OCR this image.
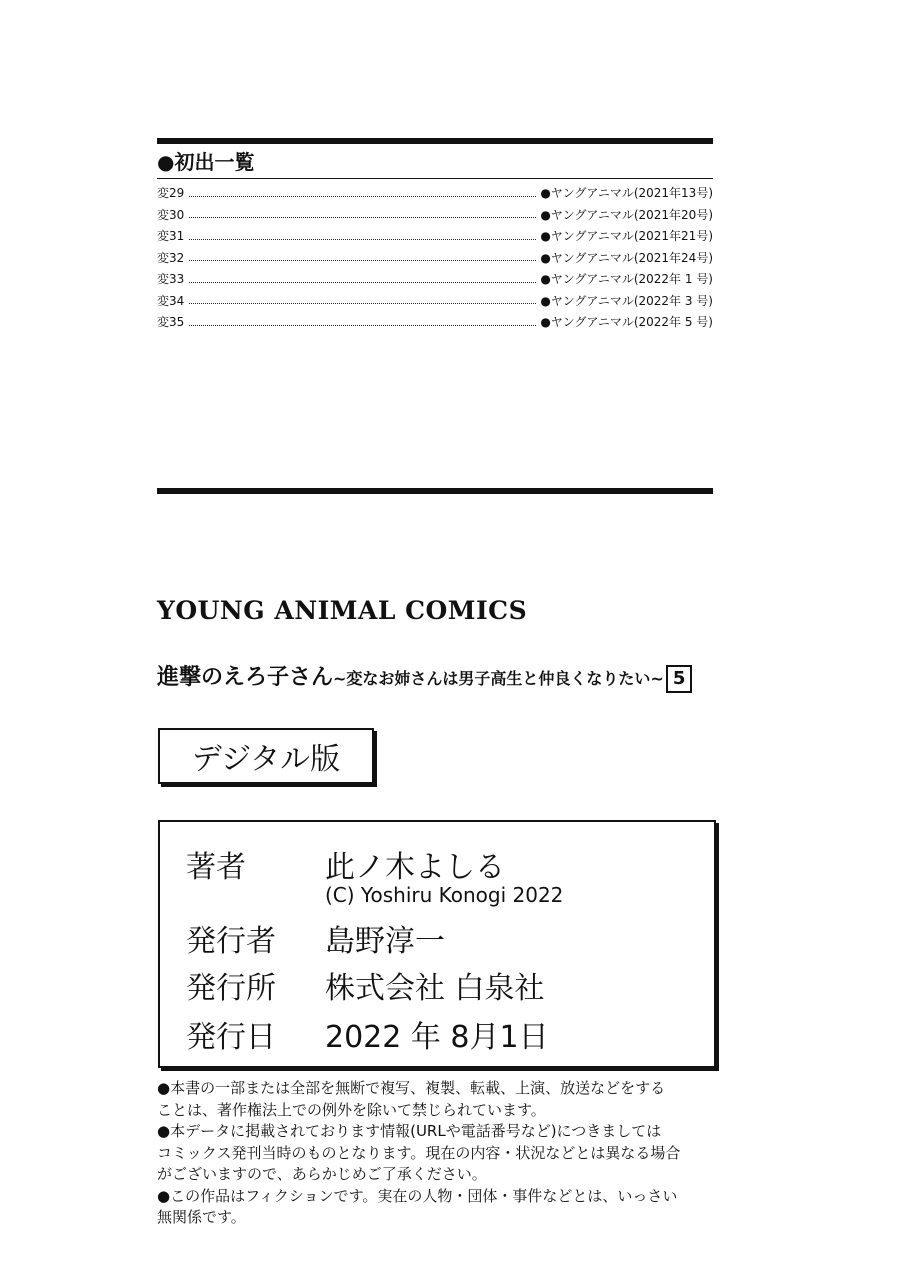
●初出一覧
変29	●ヤングアニマル(2021年13号)
変30	●ヤングアニマル(2021年20号)
変31	●ヤングアニマル(2021年21号)
変32	●ヤングアニマル(2021年24号)
変33	●ヤングアニマル(2022年 1 号)
変34	●ヤングアニマル(2022年 3 号)
変35	●ヤングアニマル(2022年 5 号)
YOUNG ANIMAL COMICS
進撃のえろ子さん ~変なお姉さんは男子高生と仲良くなりたい~ 5
デジタル版
著者	此ノ木よしる
(C) Yoshiru Konogi 2022
発行者 島野淳一
発行所 株式会社 白泉社
発行日 2022 年 8月1日
●本書の一部または全部を無断で複写、複製、転載、上演、放送などをする
ことは、著作権法上での例外を除いて禁じられています。
●本データに掲載されております情報(URLや電話番号など)につきましては
コミックス発刊当時のものとなります。現在の内容・状況などとは異なる場合
がございますので、あらかじめご了承ください。
●この作品はフィクションです。実在の人物・団体・事件などとは、いっさい
無関係です。
